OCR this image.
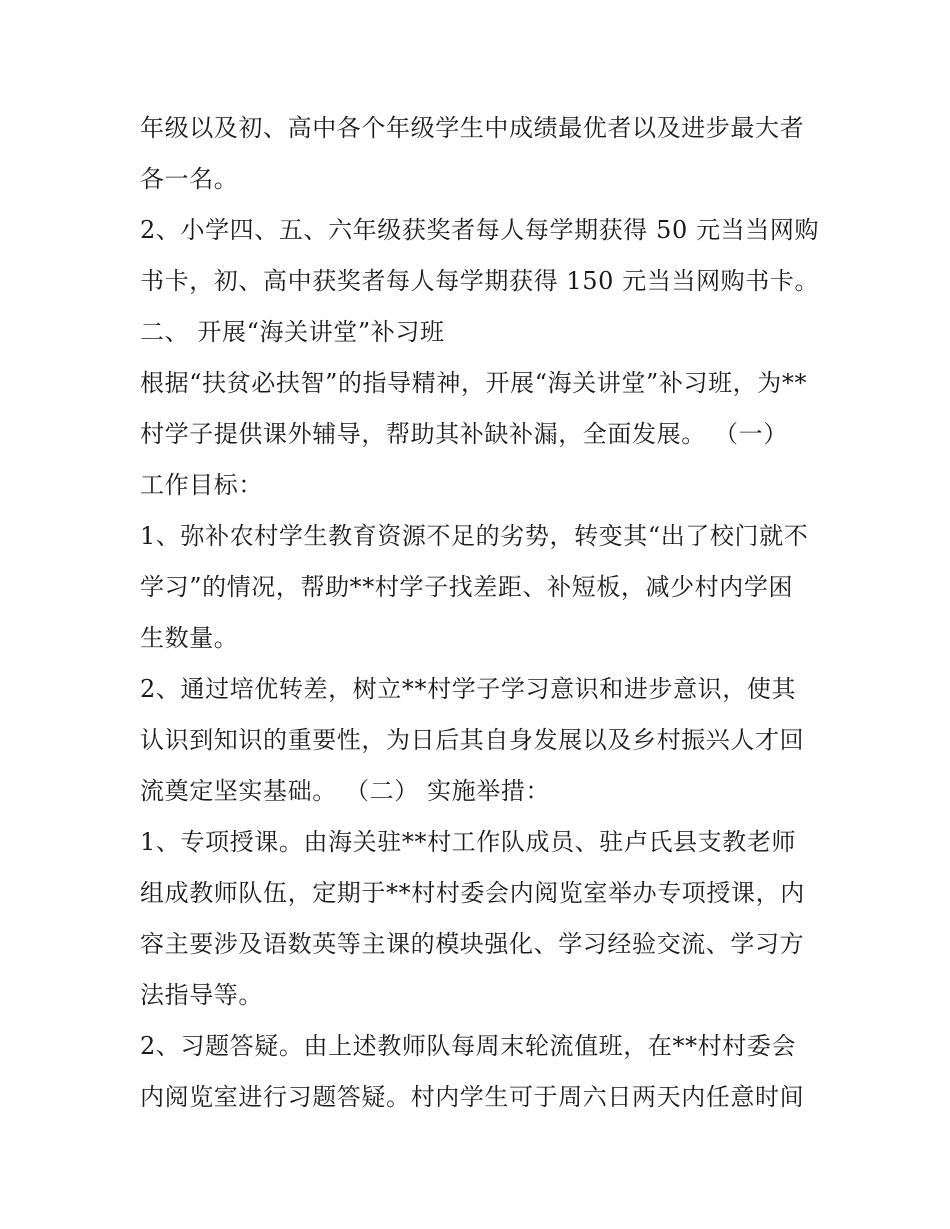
年级以及初、高中各个年级学生中成绩最优者以及进步最大者
各一名。
2、小学四、五、六年级获奖者每人每学期获得 50 元当当网购
书卡，初、高中获奖者每人每学期获得 150 元当当网购书卡。
二、 开展“海关讲堂”补习班
根据“扶贫必扶智”的指导精神，开展“海关讲堂”补习班，为**
村学子提供课外辅导，帮助其补缺补漏，全面发展。 （一）
工作目标：
1、弥补农村学生教育资源不足的劣势，转变其“出了校门就不
学习”的情况，帮助**村学子找差距、补短板，减少村内学困
生数量。
2、通过培优转差，树立**村学子学习意识和进步意识，使其
认识到知识的重要性，为日后其自身发展以及乡村振兴人才回
流奠定坚实基础。 （二） 实施举措：
1、专项授课。由海关驻**村工作队成员、驻卢氏县支教老师
组成教师队伍，定期于**村村委会内阅览室举办专项授课，内
容主要涉及语数英等主课的模块强化、学习经验交流、学习方
法指导等。
2、习题答疑。由上述教师队每周末轮流值班，在**村村委会
内阅览室进行习题答疑。村内学生可于周六日两天内任意时间
